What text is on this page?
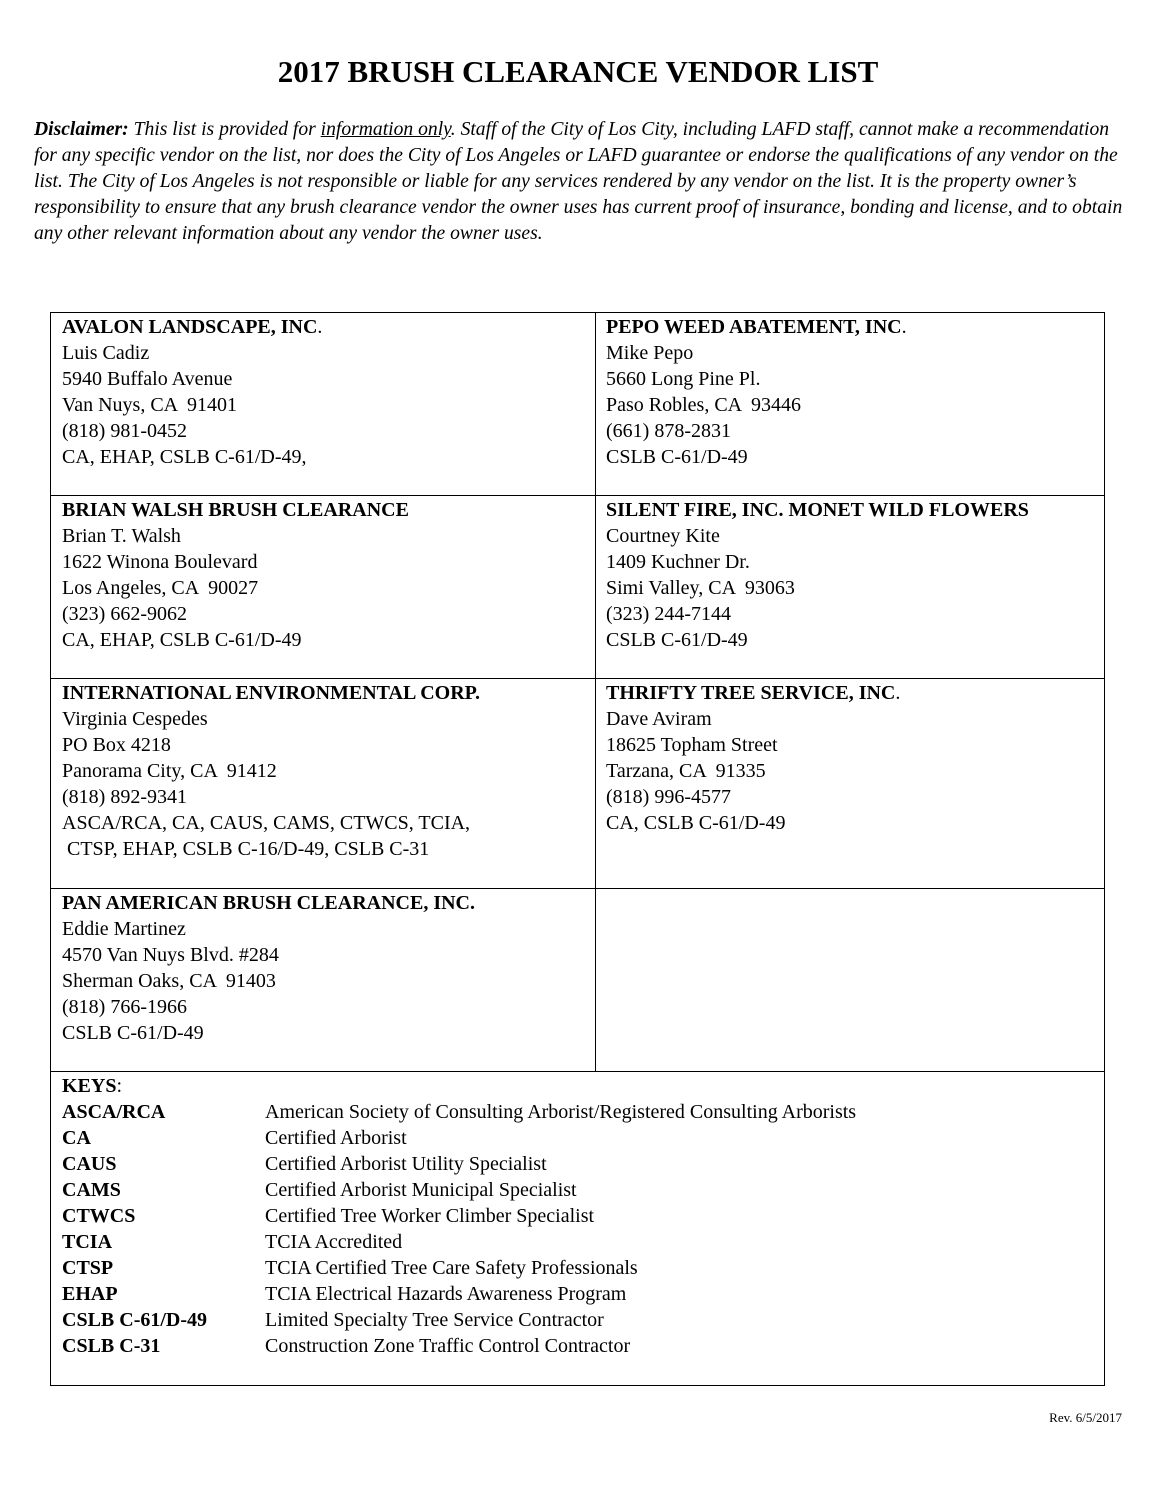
2017 BRUSH CLEARANCE VENDOR LIST

Disclaimer: This list is provided for information only. Staff of the City of Los City, including LAFD staff, cannot make a recommendation for any specific vendor on the list, nor does the City of Los Angeles or LAFD guarantee or endorse the qualifications of any vendor on the list. The City of Los Angeles is not responsible or liable for any services rendered by any vendor on the list. It is the property owner’s responsibility to ensure that any brush clearance vendor the owner uses has current proof of insurance, bonding and license, and to obtain any other relevant information about any vendor the owner uses.

AVALON LANDSCAPE, INC.
Luis Cadiz
5940 Buffalo Avenue
Van Nuys, CA  91401
(818) 981-0452
CA, EHAP, CSLB C-61/D-49,
PEPO WEED ABATEMENT, INC.
Mike Pepo
5660 Long Pine Pl.
Paso Robles, CA  93446
(661) 878-2831
CSLB C-61/D-49
BRIAN WALSH BRUSH CLEARANCE
Brian T. Walsh
1622 Winona Boulevard
Los Angeles, CA  90027
(323) 662-9062
CA, EHAP, CSLB C-61/D-49
SILENT FIRE, INC. MONET WILD FLOWERS
Courtney Kite
1409 Kuchner Dr.
Simi Valley, CA  93063
(323) 244-7144
CSLB C-61/D-49
INTERNATIONAL ENVIRONMENTAL CORP.
Virginia Cespedes
PO Box 4218
Panorama City, CA  91412
(818) 892-9341
ASCA/RCA, CA, CAUS, CAMS, CTWCS, TCIA,
CTSP, EHAP, CSLB C-16/D-49, CSLB C-31
THRIFTY TREE SERVICE, INC.
Dave Aviram
18625 Topham Street
Tarzana, CA  91335
(818) 996-4577
CA, CSLB C-61/D-49
PAN AMERICAN BRUSH CLEARANCE, INC.
Eddie Martinez
4570 Van Nuys Blvd. #284
Sherman Oaks, CA  91403
(818) 766-1966
CSLB C-61/D-49
KEYS:
ASCA/RCA	American Society of Consulting Arborist/Registered Consulting Arborists
CA	Certified Arborist
CAUS	Certified Arborist Utility Specialist
CAMS	Certified Arborist Municipal Specialist
CTWCS	Certified Tree Worker Climber Specialist
TCIA	TCIA Accredited
CTSP	TCIA Certified Tree Care Safety Professionals
EHAP	TCIA Electrical Hazards Awareness Program
CSLB C-61/D-49	Limited Specialty Tree Service Contractor
CSLB C-31	Construction Zone Traffic Control Contractor
Rev. 6/5/2017
